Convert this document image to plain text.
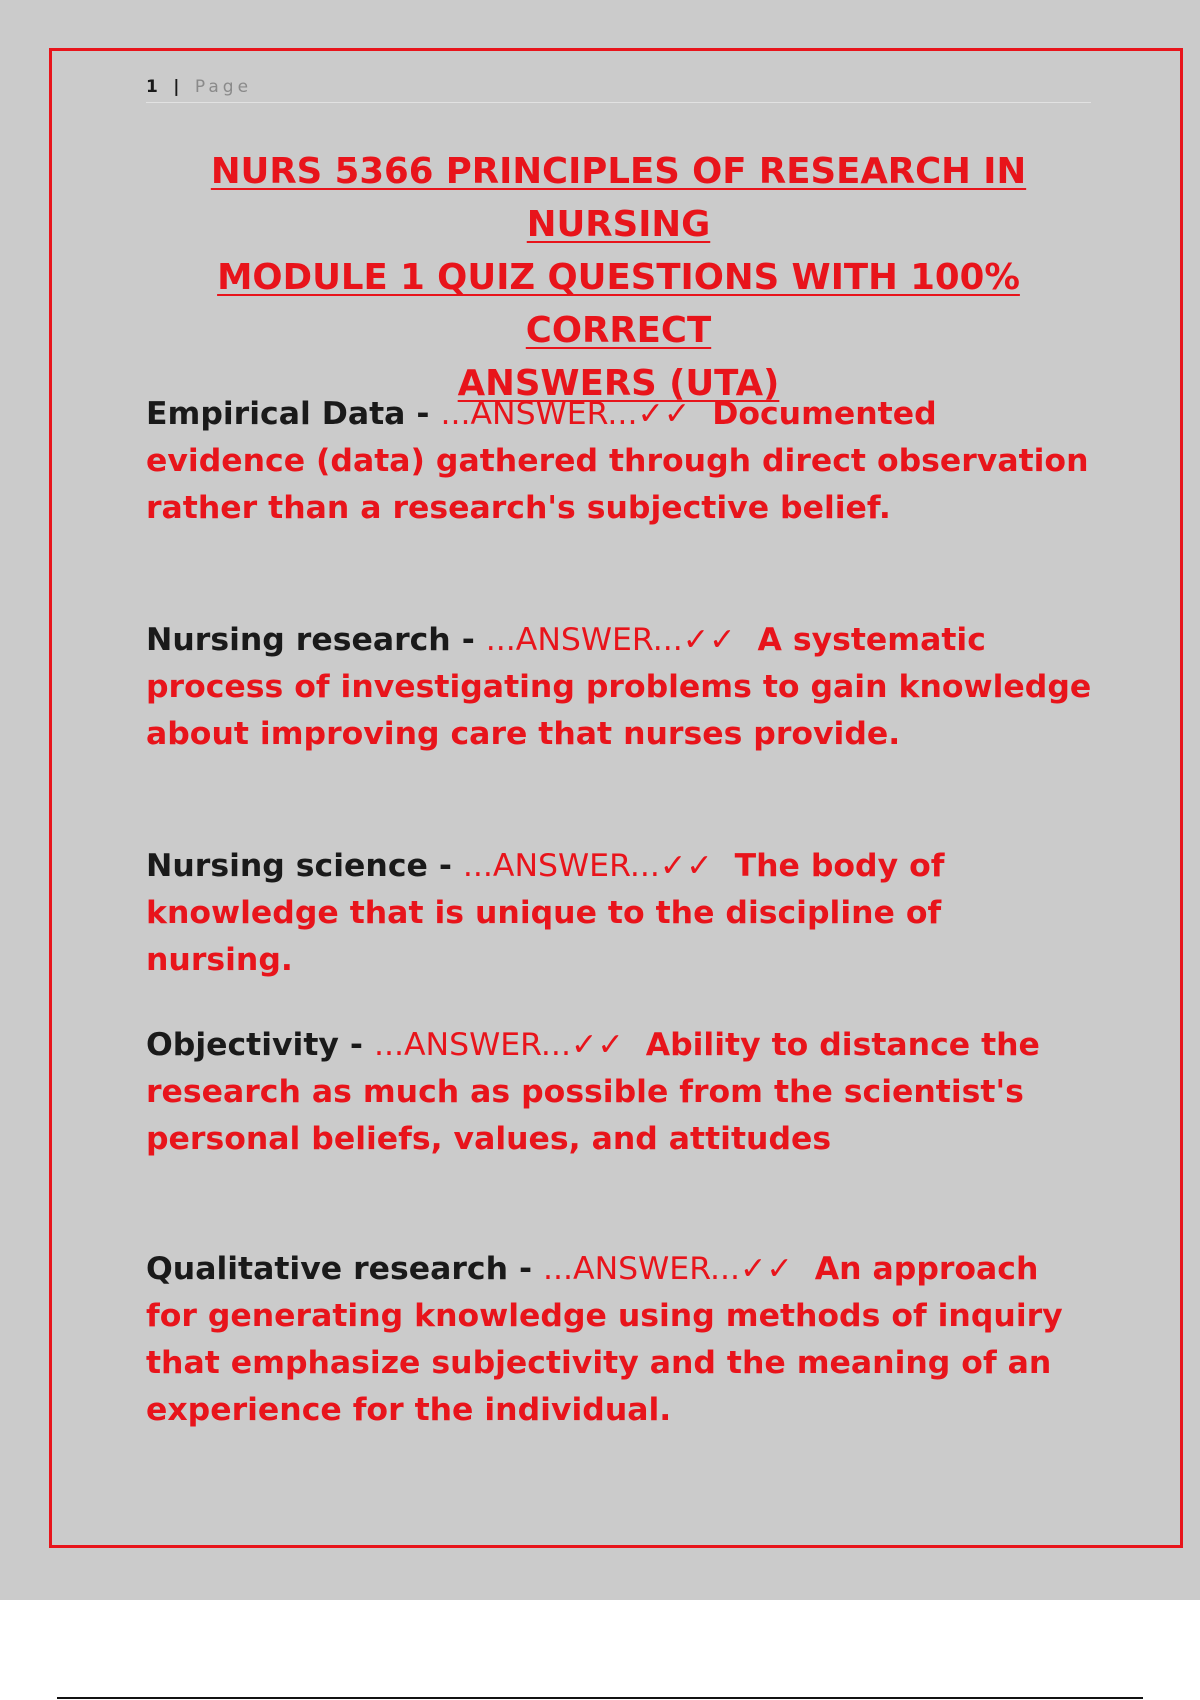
1 | Page
NURS 5366 PRINCIPLES OF RESEARCH IN NURSING
MODULE 1 QUIZ QUESTIONS WITH 100% CORRECT
ANSWERS (UTA)

Empirical Data - ...ANSWER...✓✓ Documented evidence (data) gathered through direct observation rather than a research's subjective belief.

Nursing research - ...ANSWER...✓✓ A systematic process of investigating problems to gain knowledge about improving care that nurses provide.

Nursing science - ...ANSWER...✓✓ The body of knowledge that is unique to the discipline of nursing.

Objectivity - ...ANSWER...✓✓ Ability to distance the research as much as possible from the scientist's personal beliefs, values, and attitudes

Qualitative research - ...ANSWER...✓✓ An approach for generating knowledge using methods of inquiry that emphasize subjectivity and the meaning of an experience for the individual.
